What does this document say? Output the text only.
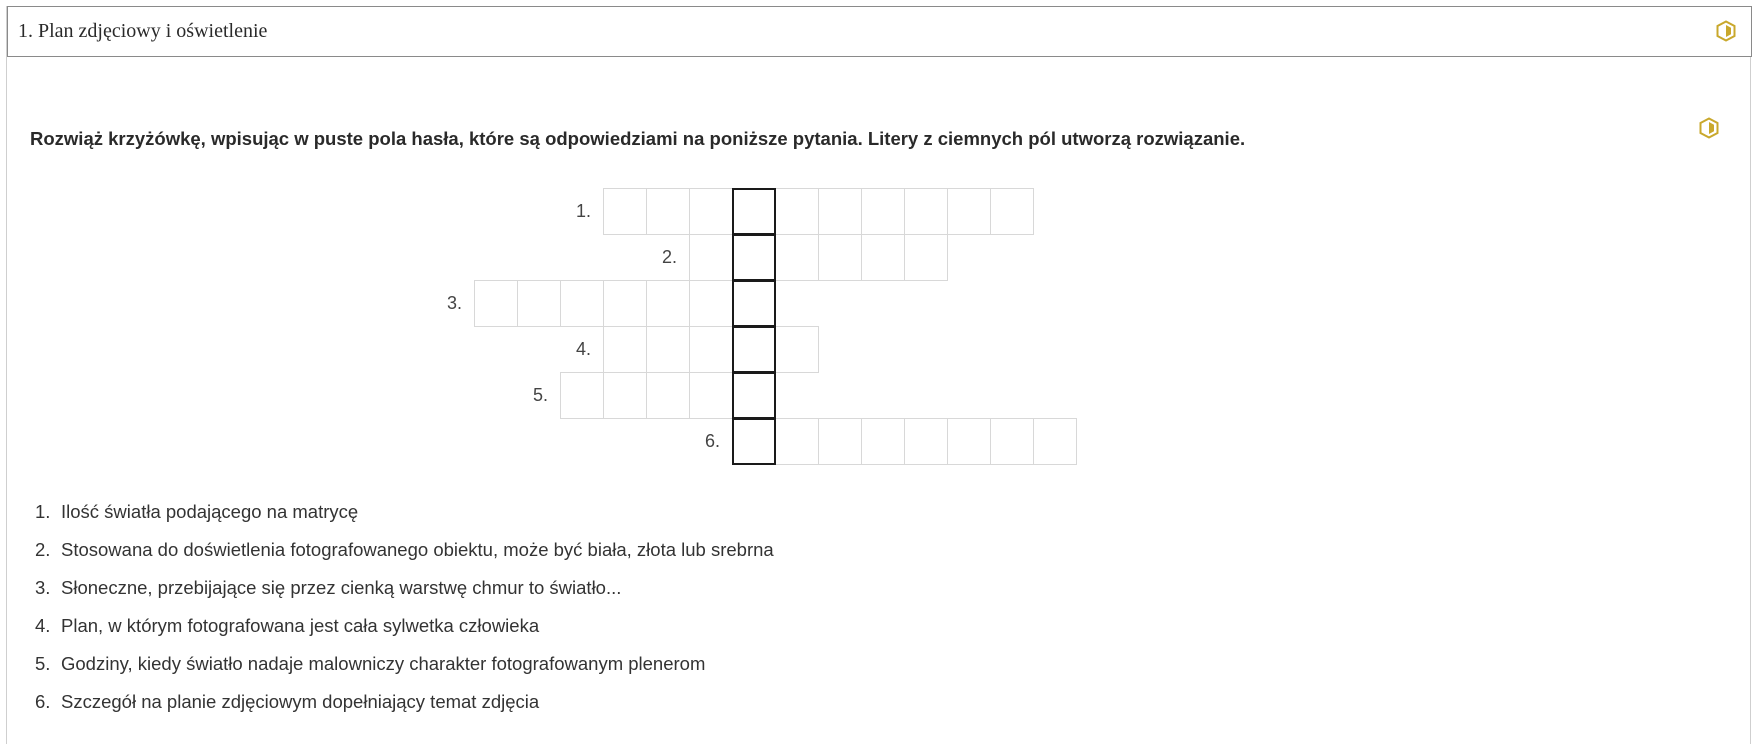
1. Plan zdjęciowy i oświetlenie
Rozwiąż krzyżówkę, wpisując w puste pola hasła, które są odpowiedziami na poniższe pytania. Litery z ciemnych pól utworzą rozwiązanie.
1.
2.
3.
4.
5.
6.
1. Ilość światła podającego na matrycę
2. Stosowana do doświetlenia fotografowanego obiektu, może być biała, złota lub srebrna
3. Słoneczne, przebijające się przez cienką warstwę chmur to światło...
4. Plan, w którym fotografowana jest cała sylwetka człowieka
5. Godziny, kiedy światło nadaje malowniczy charakter fotografowanym plenerom
6. Szczegół na planie zdjęciowym dopełniający temat zdjęcia
